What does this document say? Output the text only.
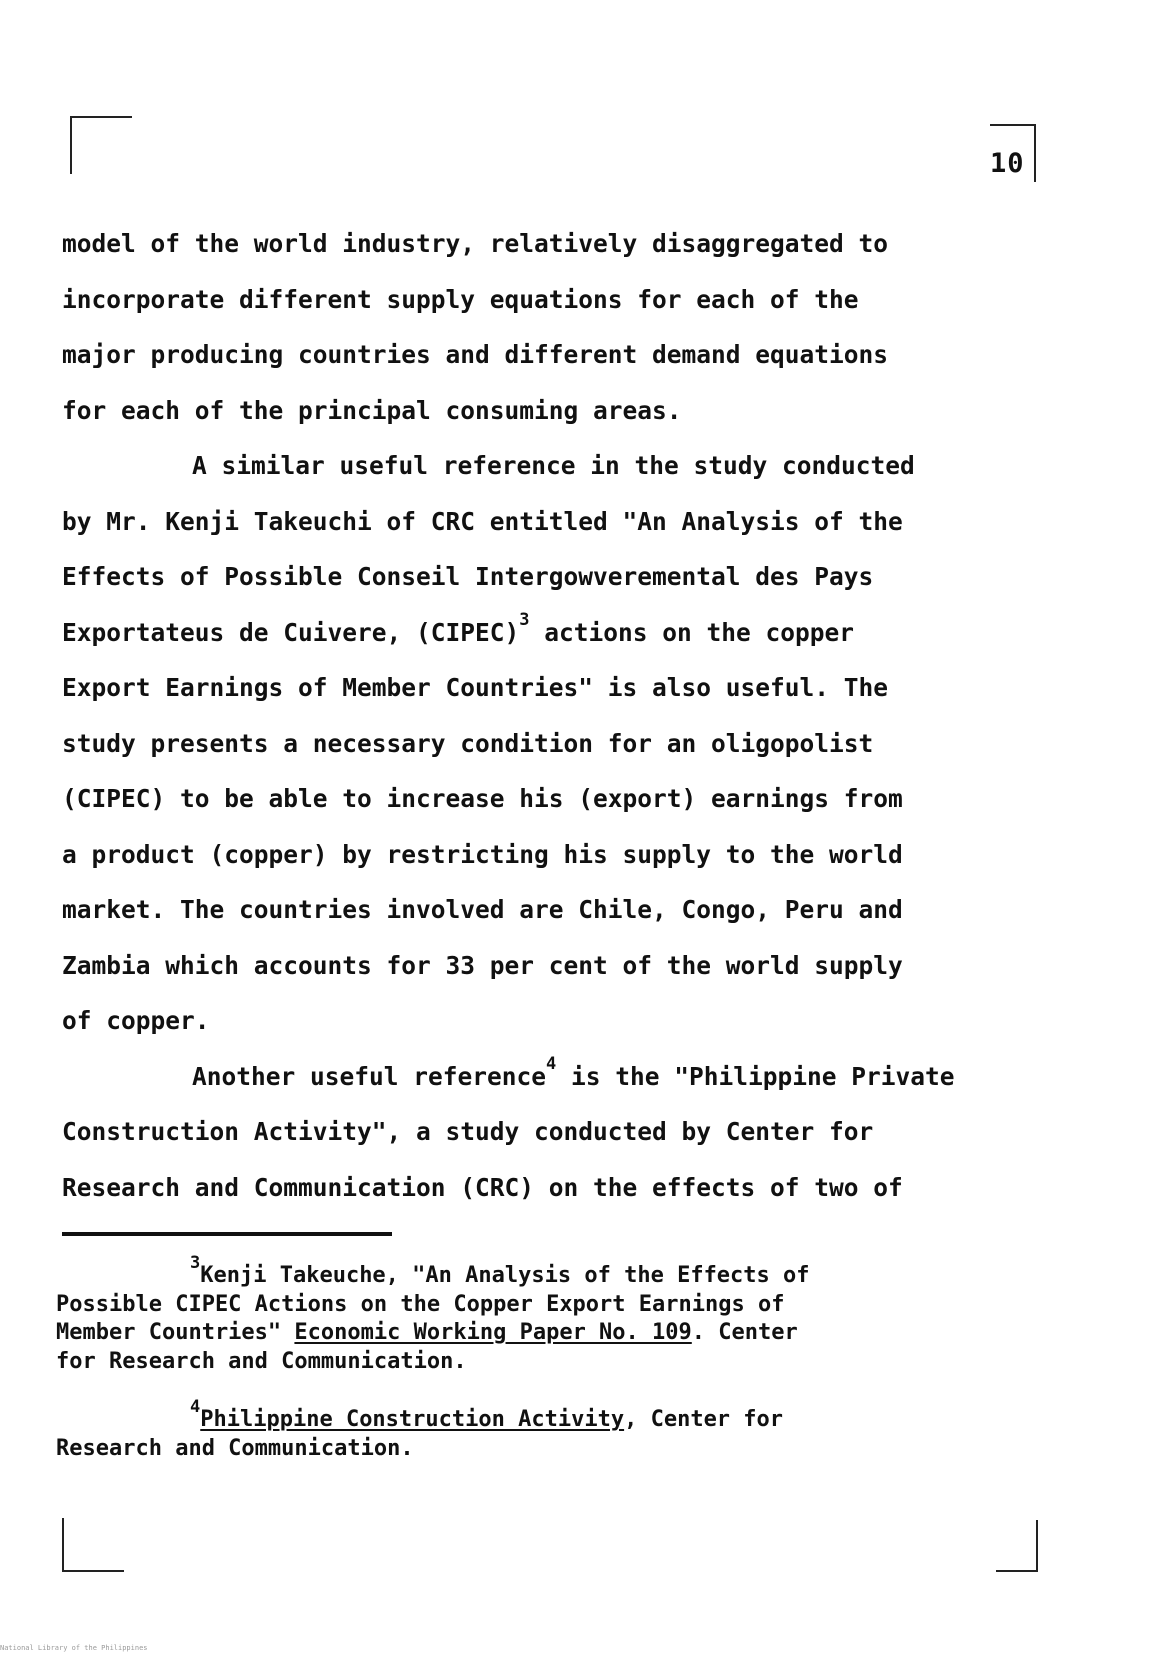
10
model of the world industry, relatively disaggregated to
incorporate different supply equations for each of the
major producing countries and different demand equations
for each of the principal consuming areas.
A similar useful reference in the study conducted
by Mr. Kenji Takeuchi of CRC entitled "An Analysis of the
Effects of Possible Conseil Intergowveremental des Pays
Exportateus de Cuivere, (CIPEC)$^3$ actions on the copper
Export Earnings of Member Countries" is also useful. The
study presents a necessary condition for an oligopolist
(CIPEC) to be able to increase his (export) earnings from
a product (copper) by restricting his supply to the world
market. The countries involved are Chile, Congo, Peru and
Zambia which accounts for 33 per cent of the world supply
of copper.
Another useful reference$^4$ is the "Philippine Private
Construction Activity", a study conducted by Center for
Research and Communication (CRC) on the effects of two of
$^3$Kenji Takeuche, "An Analysis of the Effects of
Possible CIPEC Actions on the Copper Export Earnings of
Member Countries" Economic Working Paper No. 109. Center
for Research and Communication.
$^4$Philippine Construction Activity, Center for
Research and Communication.
National Library of the Philippines
